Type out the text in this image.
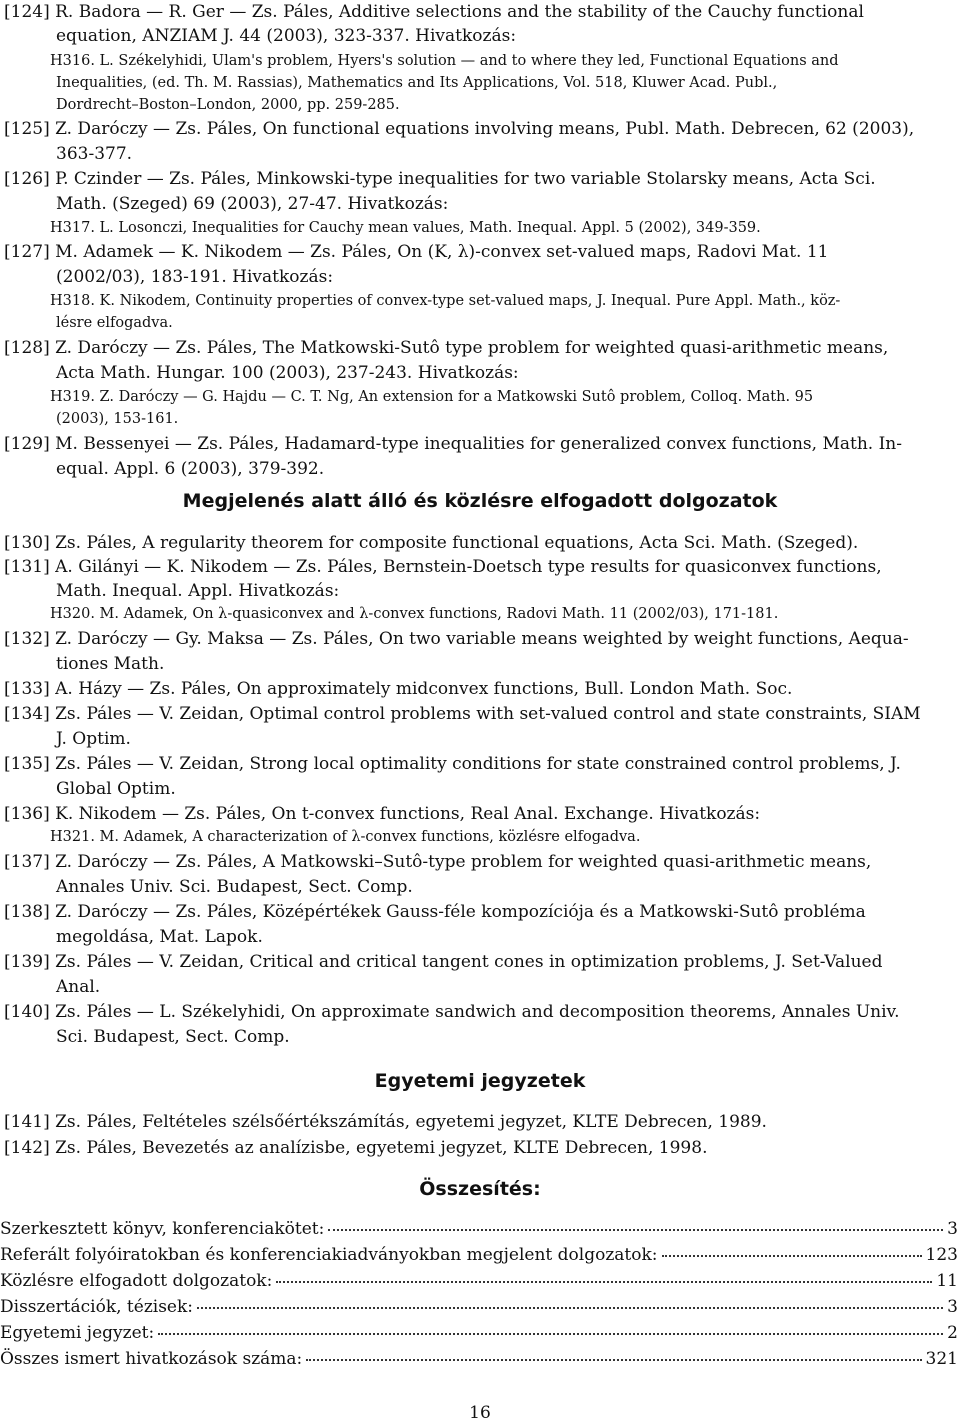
[124] R. Badora — R. Ger — Zs. Páles, Additive selections and the stability of the Cauchy functional
equation, ANZIAM J. 44 (2003), 323-337. Hivatkozás:
H316. L. Székelyhidi, Ulam's problem, Hyers's solution — and to where they led, Functional Equations and
Inequalities, (ed. Th. M. Rassias), Mathematics and Its Applications, Vol. 518, Kluwer Acad. Publ.,
Dordrecht–Boston–London, 2000, pp. 259-285.
[125] Z. Daróczy — Zs. Páles, On functional equations involving means, Publ. Math. Debrecen, 62 (2003),
363-377.
[126] P. Czinder — Zs. Páles, Minkowski-type inequalities for two variable Stolarsky means, Acta Sci.
Math. (Szeged) 69 (2003), 27-47. Hivatkozás:
H317. L. Losonczi, Inequalities for Cauchy mean values, Math. Inequal. Appl. 5 (2002), 349-359.
[127] M. Adamek — K. Nikodem — Zs. Páles, On (K, λ)-convex set-valued maps, Radovi Mat. 11
(2002/03), 183-191. Hivatkozás:
H318. K. Nikodem, Continuity properties of convex-type set-valued maps, J. Inequal. Pure Appl. Math., köz-
lésre elfogadva.
[128] Z. Daróczy — Zs. Páles, The Matkowski-Sutô type problem for weighted quasi-arithmetic means,
Acta Math. Hungar. 100 (2003), 237-243. Hivatkozás:
H319. Z. Daróczy — G. Hajdu — C. T. Ng, An extension for a Matkowski Sutô problem, Colloq. Math. 95
(2003), 153-161.
[129] M. Bessenyei — Zs. Páles, Hadamard-type inequalities for generalized convex functions, Math. In-
equal. Appl. 6 (2003), 379-392.
Megjelenés alatt álló és közlésre elfogadott dolgozatok
[130] Zs. Páles, A regularity theorem for composite functional equations, Acta Sci. Math. (Szeged).
[131] A. Gilányi — K. Nikodem — Zs. Páles, Bernstein-Doetsch type results for quasiconvex functions,
Math. Inequal. Appl. Hivatkozás:
H320. M. Adamek, On λ-quasiconvex and λ-convex functions, Radovi Math. 11 (2002/03), 171-181.
[132] Z. Daróczy — Gy. Maksa — Zs. Páles, On two variable means weighted by weight functions, Aequa-
tiones Math.
[133] A. Házy — Zs. Páles, On approximately midconvex functions, Bull. London Math. Soc.
[134] Zs. Páles — V. Zeidan, Optimal control problems with set-valued control and state constraints, SIAM
J. Optim.
[135] Zs. Páles — V. Zeidan, Strong local optimality conditions for state constrained control problems, J.
Global Optim.
[136] K. Nikodem — Zs. Páles, On t-convex functions, Real Anal. Exchange. Hivatkozás:
H321. M. Adamek, A characterization of λ-convex functions, közlésre elfogadva.
[137] Z. Daróczy — Zs. Páles, A Matkowski–Sutô-type problem for weighted quasi-arithmetic means,
Annales Univ. Sci. Budapest, Sect. Comp.
[138] Z. Daróczy — Zs. Páles, Középértékek Gauss-féle kompozíciója és a Matkowski-Sutô probléma
megoldása, Mat. Lapok.
[139] Zs. Páles — V. Zeidan, Critical and critical tangent cones in optimization problems, J. Set-Valued
Anal.
[140] Zs. Páles — L. Székelyhidi, On approximate sandwich and decomposition theorems, Annales Univ.
Sci. Budapest, Sect. Comp.
Egyetemi jegyzetek
[141] Zs. Páles, Feltételes szélsőértékszámítás, egyetemi jegyzet, KLTE Debrecen, 1989.
[142] Zs. Páles, Bevezetés az analízisbe, egyetemi jegyzet, KLTE Debrecen, 1998.
Összesítés:
Szerkesztett könyv, konferenciakötet:	3
Referált folyóiratokban és konferenciakiadványokban megjelent dolgozatok:	123
Közlésre elfogadott dolgozatok:	11
Disszertációk, tézisek:	3
Egyetemi jegyzet:	2
Összes ismert hivatkozások száma:	321
16
